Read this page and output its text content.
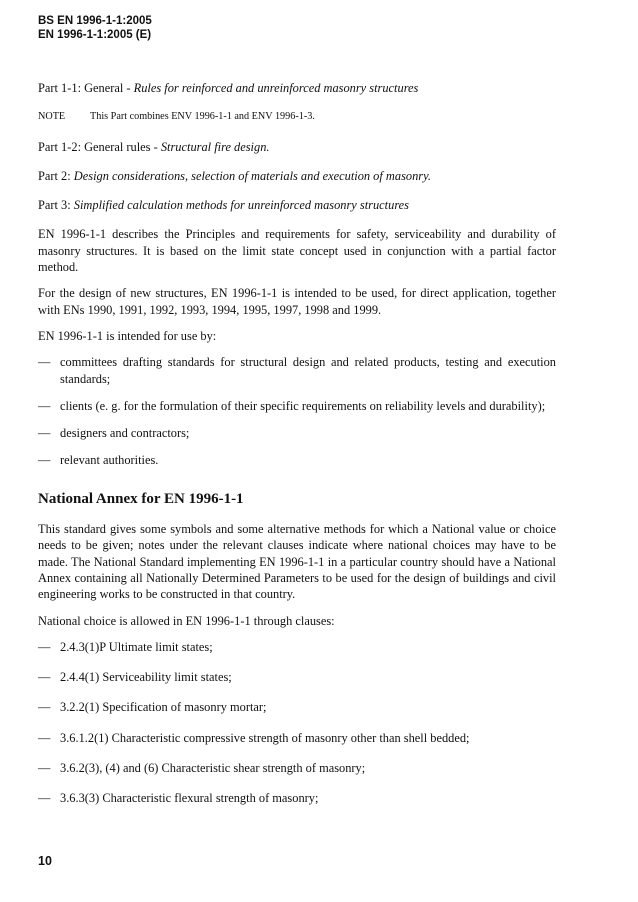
BS EN 1996-1-1:2005
EN 1996-1-1:2005 (E)

Part 1-1: General - Rules for reinforced and unreinforced masonry structures

NOTE	This Part combines ENV 1996-1-1 and ENV 1996-1-3.

Part 1-2: General rules - Structural fire design.

Part 2: Design considerations, selection of materials and execution of masonry.

Part 3: Simplified calculation methods for unreinforced masonry structures

EN 1996-1-1 describes the Principles and requirements for safety, serviceability and durability of masonry structures. It is based on the limit state concept used in conjunction with a partial factor method.

For the design of new structures, EN 1996-1-1 is intended to be used, for direct application, together with ENs 1990, 1991, 1992, 1993, 1994, 1995, 1997, 1998 and 1999.

EN 1996-1-1 is intended for use by:

— committees drafting standards for structural design and related products, testing and execution standards;
— clients (e. g. for the formulation of their specific requirements on reliability levels and durability);
— designers and contractors;
— relevant authorities.
National Annex for EN 1996-1-1

This standard gives some symbols and some alternative methods for which a National value or choice needs to be given; notes under the relevant clauses indicate where national choices may have to be made. The National Standard implementing EN 1996-1-1 in a particular country should have a National Annex containing all Nationally Determined Parameters to be used for the design of buildings and civil engineering works to be constructed in that country.

National choice is allowed in EN 1996-1-1 through clauses:

— 2.4.3(1)P Ultimate limit states;
— 2.4.4(1) Serviceability limit states;
— 3.2.2(1) Specification of masonry mortar;
— 3.6.1.2(1) Characteristic compressive strength of masonry other than shell bedded;
— 3.6.2(3), (4) and (6) Characteristic shear strength of masonry;
— 3.6.3(3) Characteristic flexural strength of masonry;
10
